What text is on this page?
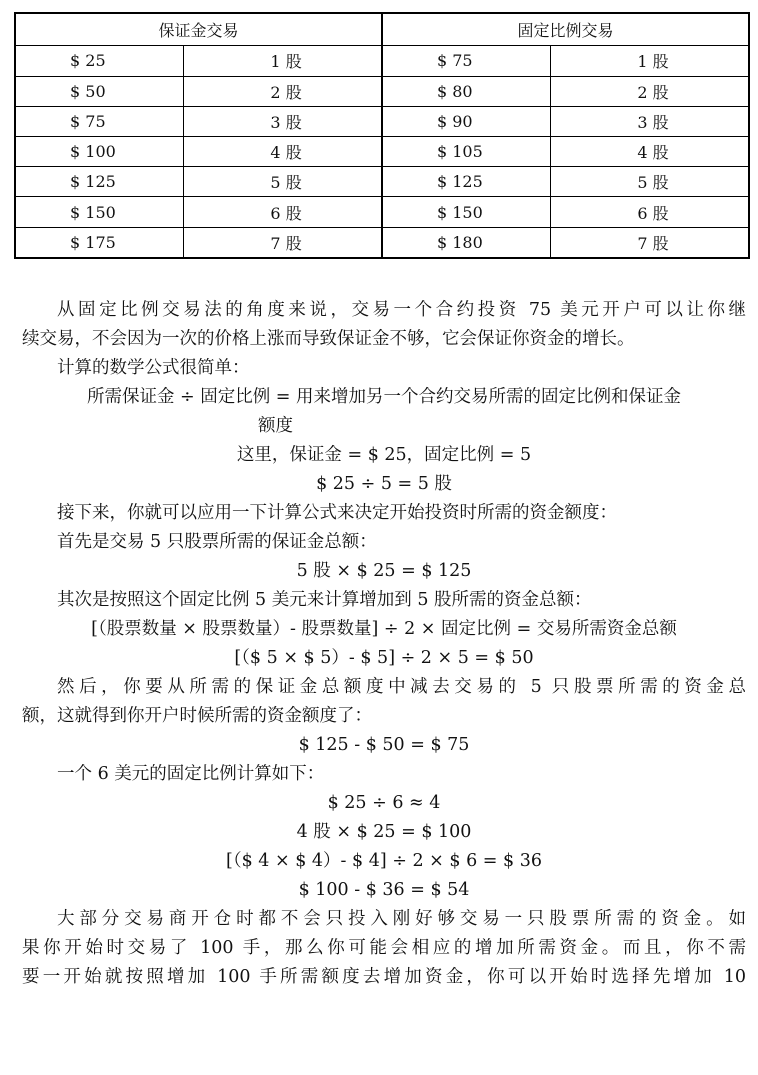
保证金交易		固定比例交易	
$ 25	1 股	$ 75	1 股
$ 50	2 股	$ 80	2 股
$ 75	3 股	$ 90	3 股
$ 100	4 股	$ 105	4 股
$ 125	5 股	$ 125	5 股
$ 150	6 股	$ 150	6 股
$ 175	7 股	$ 180	7 股
从固定比例交易法的角度来说，交易一个合约投资 75 美元开户可以让你继
续交易，不会因为一次的价格上涨而导致保证金不够，它会保证你资金的增长。
计算的数学公式很简单：
所需保证金 ÷ 固定比例 = 用来增加另一个合约交易所需的固定比例和保证金
额度
这里，保证金 = $ 25，固定比例 = 5
$ 25 ÷ 5 = 5 股
接下来，你就可以应用一下计算公式来决定开始投资时所需的资金额度：
首先是交易 5 只股票所需的保证金总额：
5 股 × $ 25 = $ 125
其次是按照这个固定比例 5 美元来计算增加到 5 股所需的资金总额：
[（股票数量 × 股票数量）- 股票数量] ÷ 2 × 固定比例 = 交易所需资金总额
[（$ 5 × $ 5）- $ 5] ÷ 2 × 5 = $ 50
然后，你要从所需的保证金总额度中减去交易的 5 只股票所需的资金总
额，这就得到你开户时候所需的资金额度了：
$ 125 - $ 50 = $ 75
一个 6 美元的固定比例计算如下：
$ 25 ÷ 6 ≈ 4
4 股 × $ 25 = $ 100
[（$ 4 × $ 4）- $ 4] ÷ 2 × $ 6 = $ 36
$ 100 - $ 36 = $ 54
大部分交易商开仓时都不会只投入刚好够交易一只股票所需的资金。如
果你开始时交易了 100 手，那么你可能会相应的增加所需资金。而且，你不需
要一开始就按照增加 100 手所需额度去增加资金，你可以开始时选择先增加 10
